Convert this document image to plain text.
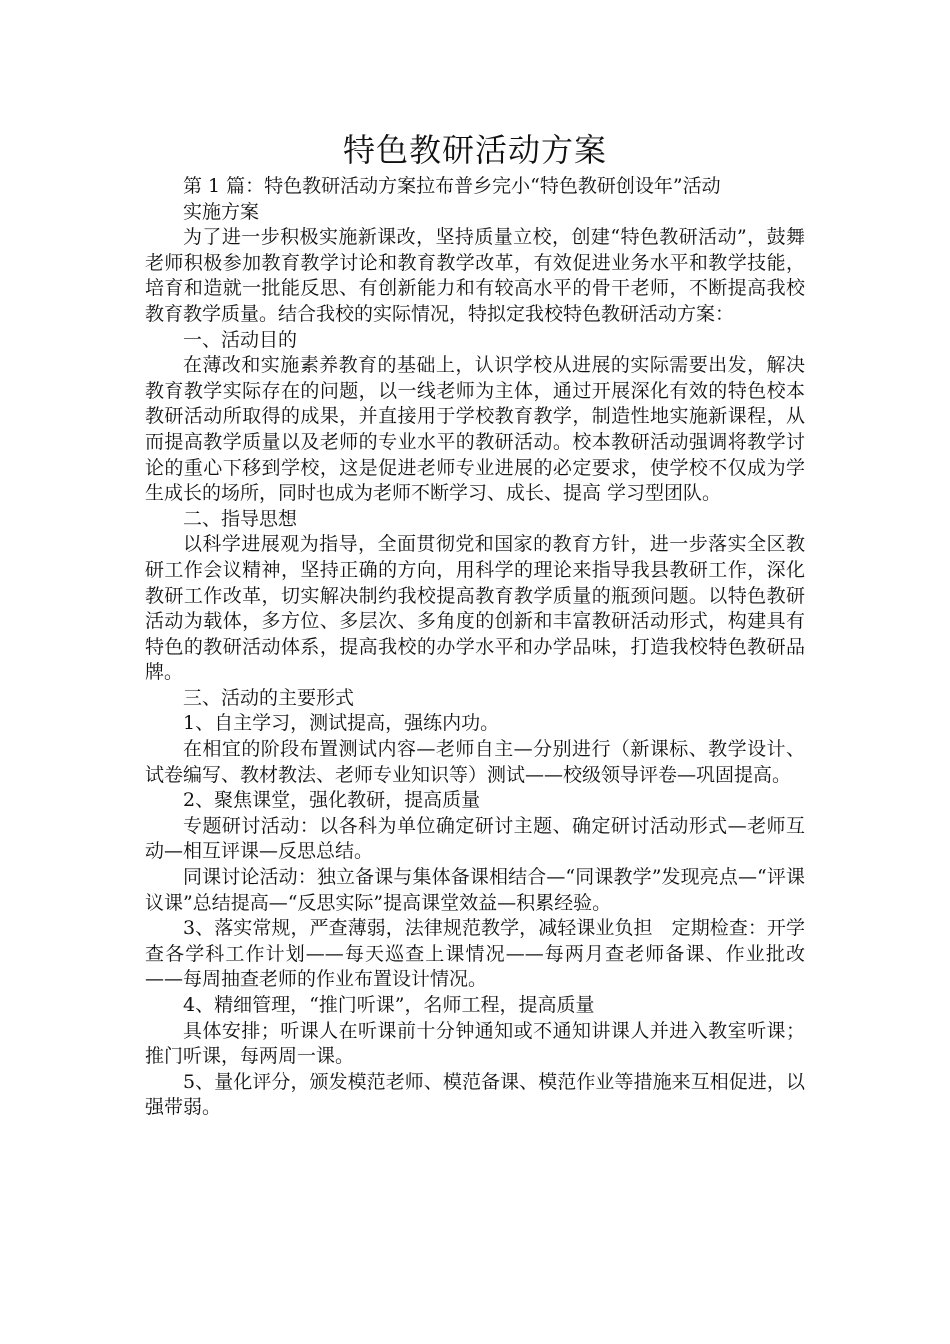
特色教研活动方案

第 1 篇：特色教研活动方案拉布普乡完小“特色教研创设年”活动

实施方案

为了进一步积极实施新课改，坚持质量立校，创建“特色教研活动”，鼓舞老师积极参加教育教学讨论和教育教学改革，有效促进业务水平和教学技能，培育和造就一批能反思、有创新能力和有较高水平的骨干老师，不断提高我校教育教学质量。结合我校的实际情况，特拟定我校特色教研活动方案：

一、活动目的

在薄改和实施素养教育的基础上，认识学校从进展的实际需要出发，解决教育教学实际存在的问题，以一线老师为主体，通过开展深化有效的特色校本教研活动所取得的成果，并直接用于学校教育教学，制造性地实施新课程，从而提高教学质量以及老师的专业水平的教研活动。校本教研活动强调将教学讨论的重心下移到学校，这是促进老师专业进展的必定要求，使学校不仅成为学生成长的场所，同时也成为老师不断学习、成长、提高 学习型团队。

二、指导思想

以科学进展观为指导，全面贯彻党和国家的教育方针，进一步落实全区教研工作会议精神，坚持正确的方向，用科学的理论来指导我县教研工作，深化教研工作改革，切实解决制约我校提高教育教学质量的瓶颈问题。以特色教研活动为载体，多方位、多层次、多角度的创新和丰富教研活动形式，构建具有特色的教研活动体系，提高我校的办学水平和办学品味，打造我校特色教研品牌。

三、活动的主要形式

1、自主学习，测试提高，强练内功。

在相宜的阶段布置测试内容—老师自主—分别进行（新课标、教学设计、试卷编写、教材教法、老师专业知识等）测试——校级领导评卷—巩固提高。

2、聚焦课堂，强化教研，提高质量

专题研讨活动：以各科为单位确定研讨主题、确定研讨活动形式—老师互动—相互评课—反思总结。

同课讨论活动：独立备课与集体备课相结合—“同课教学”发现亮点—“评课议课”总结提高—“反思实际”提高课堂效益—积累经验。

3、落实常规，严查薄弱，法律规范教学，减轻课业负担　定期检查：开学查各学科工作计划——每天巡查上课情况——每两月查老师备课、作业批改——每周抽查老师的作业布置设计情况。

4、精细管理，“推门听课”，名师工程，提高质量

具体安排；听课人在听课前十分钟通知或不通知讲课人并进入教室听课；推门听课，每两周一课。

5、量化评分，颁发模范老师、模范备课、模范作业等措施来互相促进，以强带弱。
